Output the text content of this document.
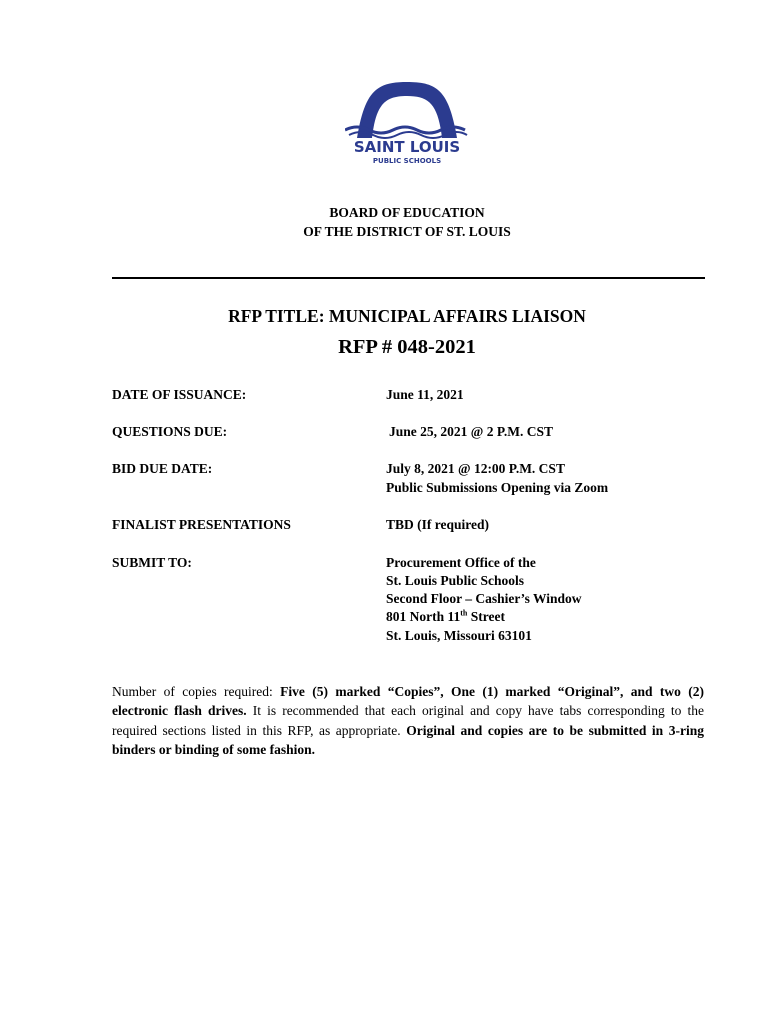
SAINT LOUIS
PUBLIC SCHOOLS
BOARD OF EDUCATION
OF THE DISTRICT OF ST. LOUIS
RFP TITLE: MUNICIPAL AFFAIRS LIAISON
RFP # 048-2021
DATE OF ISSUANCE:	June 11, 2021
QUESTIONS DUE:	June 25, 2021 @ 2 P.M. CST
BID DUE DATE:	July 8, 2021 @ 12:00 P.M. CST
Public Submissions Opening via Zoom
FINALIST PRESENTATIONS	TBD (If required)
SUBMIT TO:	Procurement Office of the
St. Louis Public Schools
Second Floor – Cashier’s Window
801 North 11th Street
St. Louis, Missouri 63101
Number of copies required: Five (5) marked “Copies”, One (1) marked “Original”, and two (2) electronic flash drives. It is recommended that each original and copy have tabs corresponding to the required sections listed in this RFP, as appropriate. Original and copies are to be submitted in 3-ring binders or binding of some fashion.
